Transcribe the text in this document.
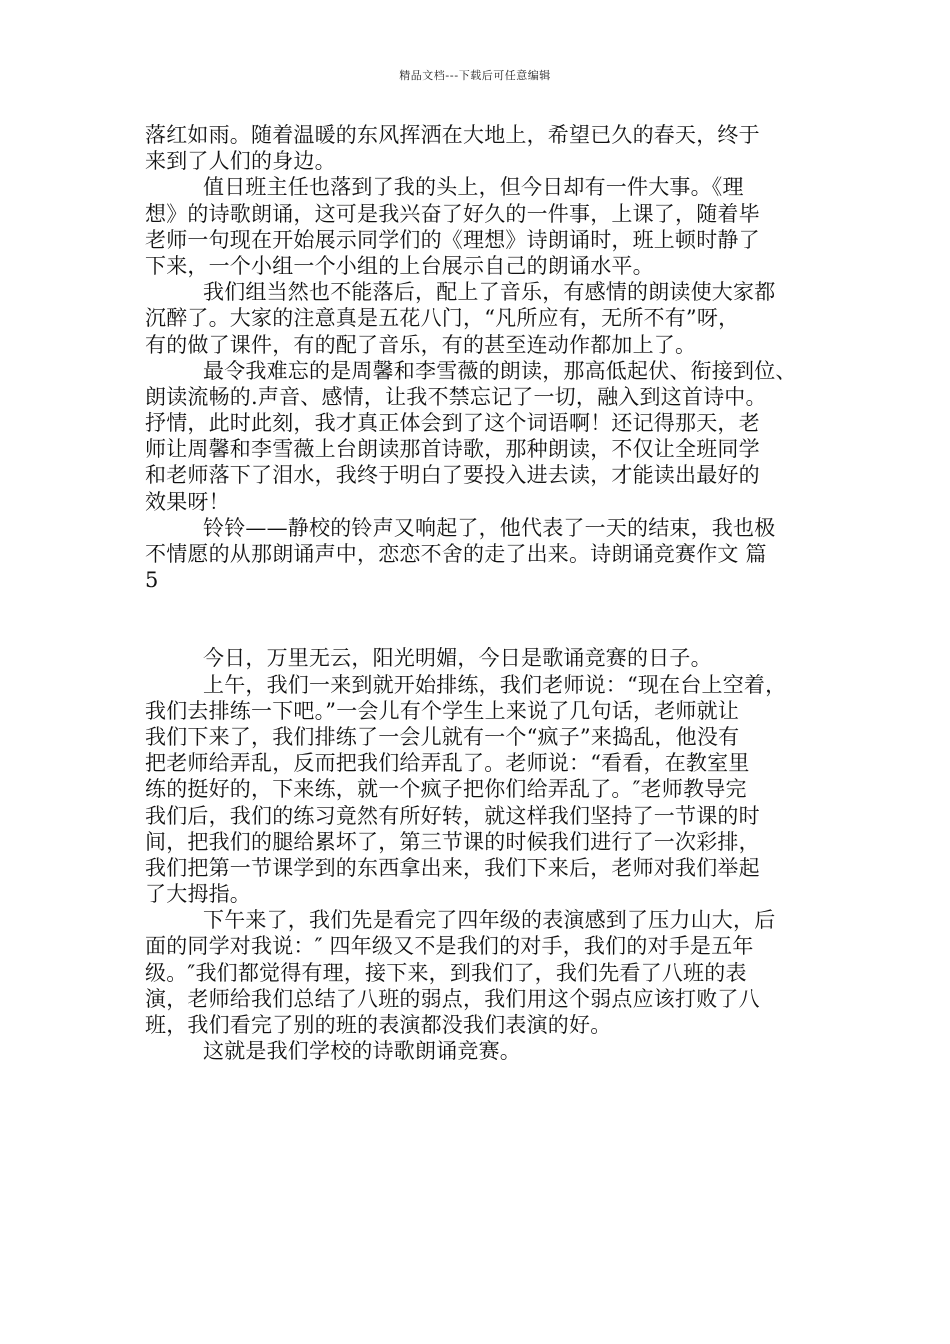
精品文档---下载后可任意编辑
落红如雨。随着温暖的东风挥洒在大地上，希望已久的春天，终于
来到了人们的身边。
值日班主任也落到了我的头上，但今日却有一件大事。《理
想》的诗歌朗诵，这可是我兴奋了好久的一件事，上课了，随着毕
老师一句现在开始展示同学们的《理想》诗朗诵时，班上顿时静了
下来，一个小组一个小组的上台展示自己的朗诵水平。
我们组当然也不能落后，配上了音乐，有感情的朗读使大家都
沉醉了。大家的注意真是五花八门，“凡所应有，无所不有”呀，
有的做了课件，有的配了音乐，有的甚至连动作都加上了。
最令我难忘的是周馨和李雪薇的朗读，那高低起伏、衔接到位、
朗读流畅的.声音、感情，让我不禁忘记了一切，融入到这首诗中。
抒情，此时此刻，我才真正体会到了这个词语啊！还记得那天，老
师让周馨和李雪薇上台朗读那首诗歌，那种朗读，不仅让全班同学
和老师落下了泪水，我终于明白了要投入进去读，才能读出最好的
效果呀！
铃铃——静校的铃声又响起了，他代表了一天的结束，我也极
不情愿的从那朗诵声中，恋恋不舍的走了出来。诗朗诵竞赛作文 篇
5
今日，万里无云，阳光明媚，今日是歌诵竞赛的日子。
上午，我们一来到就开始排练，我们老师说：“现在台上空着，
我们去排练一下吧。”一会儿有个学生上来说了几句话，老师就让
我们下来了，我们排练了一会儿就有一个“疯子”来捣乱，他没有
把老师给弄乱，反而把我们给弄乱了。老师说：“看看，在教室里
练的挺好的，下来练，就一个疯子把你们给弄乱了。″老师教导完
我们后，我们的练习竟然有所好转，就这样我们坚持了一节课的时
间，把我们的腿给累坏了，第三节课的时候我们进行了一次彩排，
我们把第一节课学到的东西拿出来，我们下来后，老师对我们举起
了大拇指。
下午来了，我们先是看完了四年级的表演感到了压力山大，后
面的同学对我说：″ 四年级又不是我们的对手，我们的对手是五年
级。″我们都觉得有理，接下来，到我们了，我们先看了八班的表
演，老师给我们总结了八班的弱点，我们用这个弱点应该打败了八
班，我们看完了别的班的表演都没我们表演的好。
这就是我们学校的诗歌朗诵竞赛。
